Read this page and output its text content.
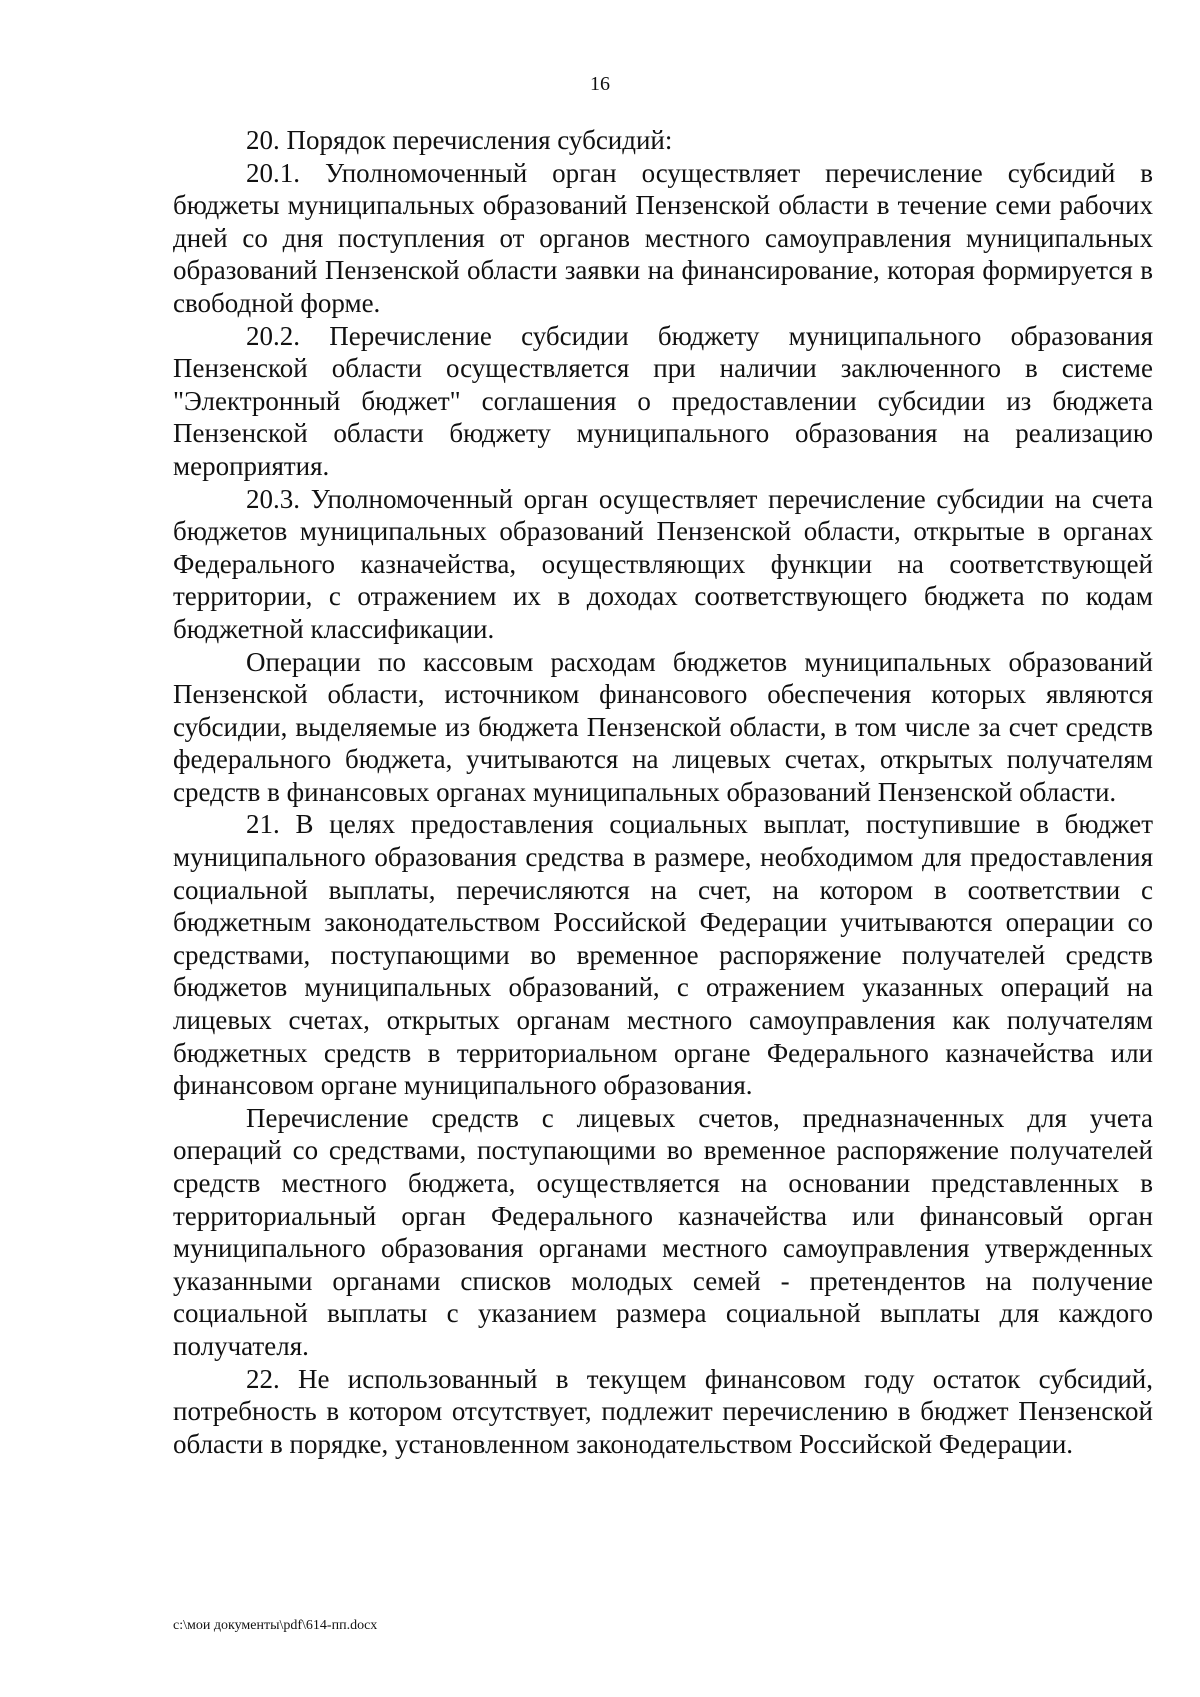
16

20. Порядок перечисления субсидий:

20.1. Уполномоченный орган осуществляет перечисление субсидий в бюджеты муниципальных образований Пензенской области в течение семи рабочих дней со дня поступления от органов местного самоуправления муниципальных образований Пензенской области заявки на финансирование, которая формируется в свободной форме.

20.2. Перечисление субсидии бюджету муниципального образования Пензенской области осуществляется при наличии заключенного в системе "Электронный бюджет" соглашения о предоставлении субсидии из бюджета Пензенской области бюджету муниципального образования на реализацию мероприятия.

20.3. Уполномоченный орган осуществляет перечисление субсидии на счета бюджетов муниципальных образований Пензенской области, открытые в органах Федерального казначейства, осуществляющих функции на соответствующей территории, с отражением их в доходах соответствующего бюджета по кодам бюджетной классификации.

Операции по кассовым расходам бюджетов муниципальных образований Пензенской области, источником финансового обеспечения которых являются субсидии, выделяемые из бюджета Пензенской области, в том числе за счет средств федерального бюджета, учитываются на лицевых счетах, открытых получателям средств в финансовых органах муниципальных образований Пензенской области.

21. В целях предоставления социальных выплат, поступившие в бюджет муниципального образования средства в размере, необходимом для предоставления социальной выплаты, перечисляются на счет, на котором в соответствии с бюджетным законодательством Российской Федерации учитываются операции со средствами, поступающими во временное распоряжение получателей средств бюджетов муниципальных образований, с отражением указанных операций на лицевых счетах, открытых органам местного самоуправления как получателям бюджетных средств в территориальном органе Федерального казначейства или финансовом органе муниципального образования.

Перечисление средств с лицевых счетов, предназначенных для учета операций со средствами, поступающими во временное распоряжение получателей средств местного бюджета, осуществляется на основании представленных в территориальный орган Федерального казначейства или финансовый орган муниципального образования органами местного самоуправления утвержденных указанными органами списков молодых семей - претендентов на получение социальной выплаты с указанием размера социальной выплаты для каждого получателя.

22. Не использованный в текущем финансовом году остаток субсидий, потребность в котором отсутствует, подлежит перечислению в бюджет Пензенской области в порядке, установленном законодательством Российской Федерации.

c:\мои документы\pdf\614-пп.docx
